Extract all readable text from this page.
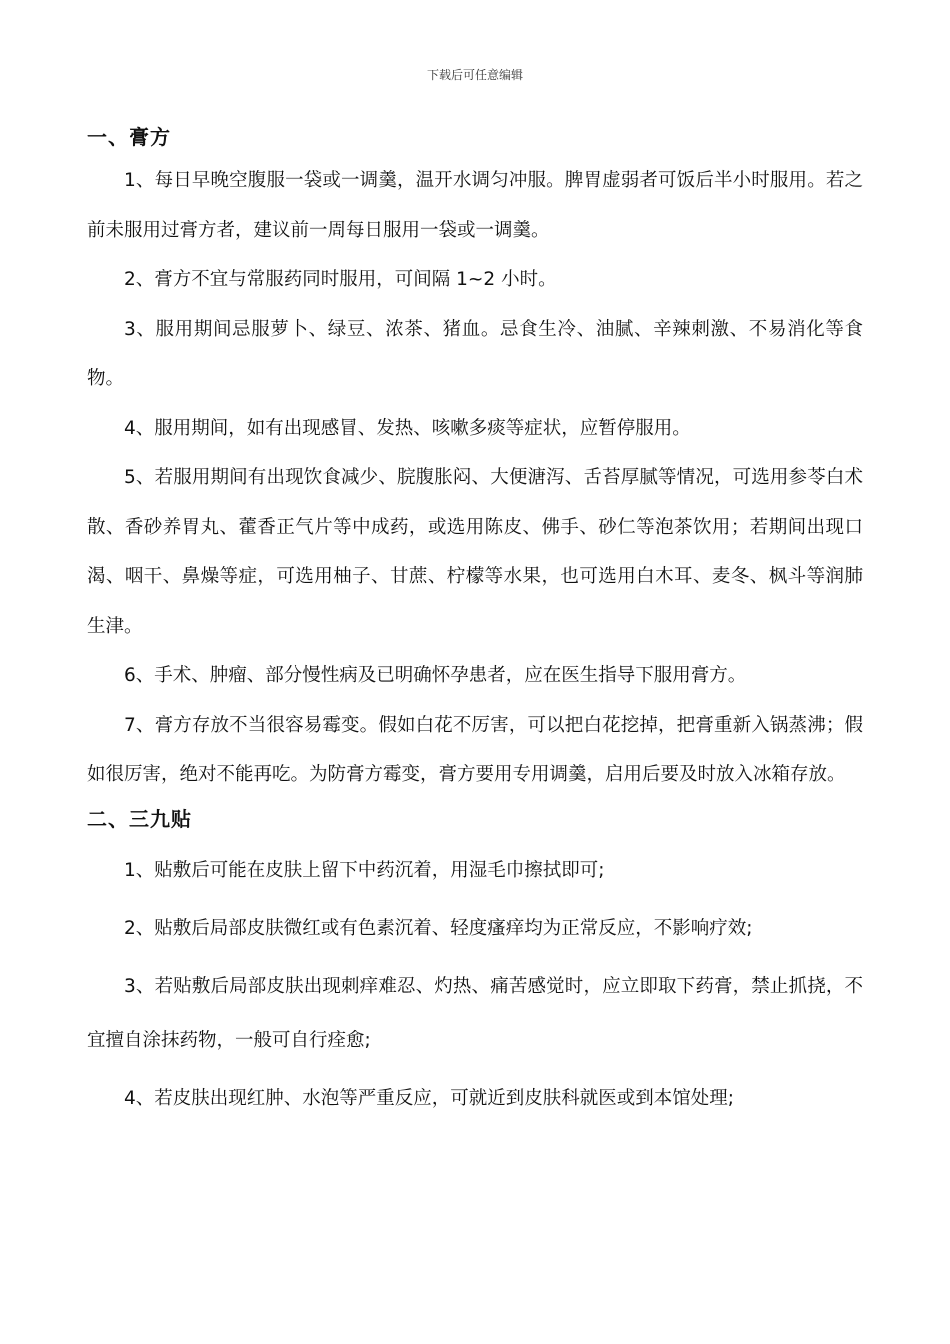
下载后可任意编辑
一、膏方

1、每日早晚空腹服一袋或一调羹，温开水调匀冲服。脾胃虚弱者可饭后半小时服用。若之前未服用过膏方者，建议前一周每日服用一袋或一调羹。

2、膏方不宜与常服药同时服用，可间隔 1~2 小时。

3、服用期间忌服萝卜、绿豆、浓茶、猪血。忌食生冷、油腻、辛辣刺激、不易消化等食物。

4、服用期间，如有出现感冒、发热、咳嗽多痰等症状，应暂停服用。

5、若服用期间有出现饮食减少、脘腹胀闷、大便溏泻、舌苔厚腻等情况，可选用参苓白术散、香砂养胃丸、藿香正气片等中成药，或选用陈皮、佛手、砂仁等泡茶饮用；若期间出现口渴、咽干、鼻燥等症，可选用柚子、甘蔗、柠檬等水果，也可选用白木耳、麦冬、枫斗等润肺生津。

6、手术、肿瘤、部分慢性病及已明确怀孕患者，应在医生指导下服用膏方。

7、膏方存放不当很容易霉变。假如白花不厉害，可以把白花挖掉，把膏重新入锅蒸沸；假如很厉害，绝对不能再吃。为防膏方霉变，膏方要用专用调羹，启用后要及时放入冰箱存放。

二、三九贴

1、贴敷后可能在皮肤上留下中药沉着，用湿毛巾擦拭即可;

2、贴敷后局部皮肤微红或有色素沉着、轻度瘙痒均为正常反应，不影响疗效;

3、若贴敷后局部皮肤出现刺痒难忍、灼热、痛苦感觉时，应立即取下药膏，禁止抓挠，不宜擅自涂抹药物，一般可自行痊愈;

4、若皮肤出现红肿、水泡等严重反应，可就近到皮肤科就医或到本馆处理;
